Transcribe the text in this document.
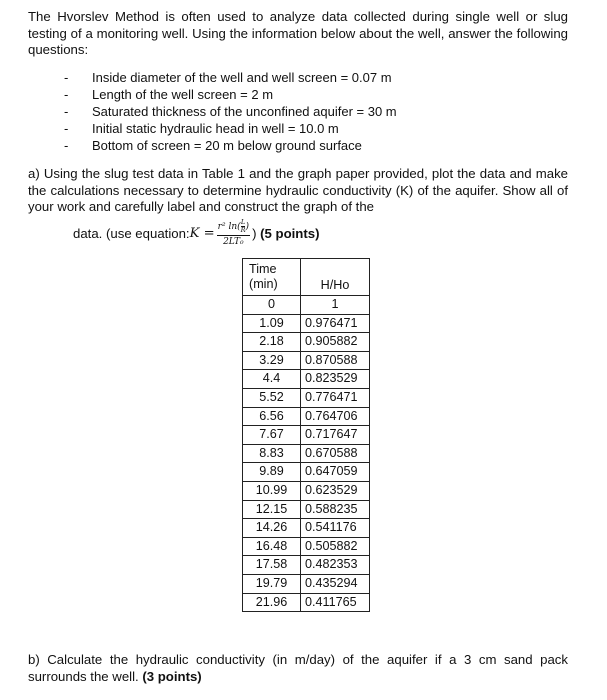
The Hvorslev Method is often used to analyze data collected during single well or slug testing of a monitoring well. Using the information below about the well, answer the following questions:

- Inside diameter of the well and well screen = 0.07 m
- Length of the well screen = 2 m
- Saturated thickness of the unconfined aquifer = 30 m
- Initial static hydraulic head in well = 10.0 m
- Bottom of screen = 20 m below ground surface

a) Using the slug test data in Table 1 and the graph paper provided, plot the data and make the calculations necessary to determine hydraulic conductivity (K) of the aquifer. Show all of your work and carefully label and construct the graph of the

data. (use equation: $K = \frac{r^2 \ln( \frac{L}{R} )}{\text{2LT₀}}$ )
(5 points)
Time
(min)	H/Ho
0	1
1.09	0.976471
2.18	0.905882
3.29	0.870588
4.4	0.823529
5.52	0.776471
6.56	0.764706
7.67	0.717647
8.83	0.670588
9.89	0.647059
10.99	0.623529
12.15	0.588235
14.26	0.541176
16.48	0.505882
17.58	0.482353
19.79	0.435294
21.96	0.411765

b) Calculate the hydraulic conductivity (in m/day) of the aquifer if a 3 cm sand pack surrounds the well. (3 points)
